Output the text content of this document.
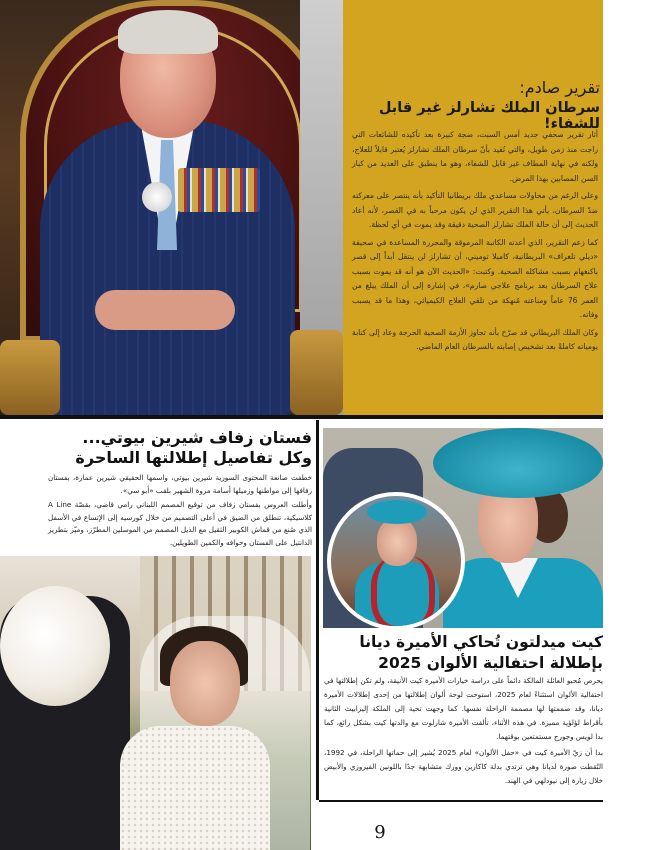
تقرير صادم:
سرطان الملك تشارلز غير قابل للشفاء!

أثار تقرير صحفي جديد أمس السبت، ضجة كبيرة بعد تأكيده للشائعات التي راجت منذ زمن طويل، والتي تُفيد بأنّ سرطان الملك تشارلز يُعتبر قابلاً للعلاج، ولكنه في نهاية المطاف غير قابل للشفاء، وهو ما ينطبق على العديد من كبار السن المصابين بهذا المرض.

وعلى الرغم من محاولات مساعدي ملك بريطانيا التأكيد بأنه ينتصر على معركته ضدّ السرطان، يأتي هذا التقرير الذي لن يكون مرحباً به في القصر، لأنه أعاد الحديث إلى أن حالة الملك تشارلز الصحية دقيقة وقد يموت في أي لحظة.

كما زعم التقرير، الذي أعدته الكاتبة المرموقة والمحررة المساعدة في صحيفة «ديلي تلغراف» البريطانية، كاميلا توميني، أن تشارلز لن ينتقل أبداً إلى قصر باكنغهام بسبب مشاكله الصحية. وكتبت: «الحديث الآن هو أنه قد يموت بسبب علاج السرطان بعد برنامج علاجي صارم»، في إشارة إلى أن الملك يبلغ من العمر 76 عاماً ومناعته مُنهكة من تلقي العلاج الكيميائي، وهذا ما قد يسبب وفاته.

وكان الملك البريطاني قد صرّح بأنه تجاوز الأزمة الصحية الحرجة وعاد إلى كتابة يومياته كاملةً بعد تشخيص إصابته بالسرطان العام الماضي.

فستان زفاف شيرين بيوتي...
وكل تفاصيل إطلالتها الساحرة

خطفت صانعة المحتوى السورية شيرين بيوتي، واسمها الحقيقي شيرين عمارة، بفستان زفافها إلى مواطنها وزميلها أسامة مروة الشهير بلقب «أبو سي».

وأطلت العروس بفستان زفاف من توقيع المصمم اللبناني رامي قاضي، بقصّة A Line كلاسيكية، تنطلق من الضيق في أعلى التصميم من خلال كورسيه إلى الإتساع في الأسفل الذي صُنع من قماش الكوبير الثقيل مع الذيل المصمم من الموسلين المطرّز، وميّز بتطريز الدانتيل على الفستان وحوافه والكمين الطويلين.

كيت ميدلتون تُحاكي الأميرة ديانا
بإطلالة احتفالية الألوان 2025

يحرص مُحبو العائلة المالكة دائماً على دراسة خيارات الأميرة كيت الأنيقة، ولم تكن إطلالتها في احتفالية الألوان استثناءً لعام 2025، استوحت لوحة ألوان إطلالتها من إحدى إطلالات الأميرة ديانا، وقد صممتها لها مصممة الراحلة نفسها. كما وجهت تحية إلى الملكة إليزابيث الثانية بأقراط لؤلؤية مميزة. في هذه الأثناء، تألقت الأميرة شارلوت مع والدتها كيت بشكل رائع، كما بدا لويس وجورج مستمتعين بوقتهما.

بدا أن زيّ الأميرة كيت في «حفل الألوان» لعام 2025 يُشير إلى حماتها الراحلة، في 1992، التُقطت صورة لديانا وهي ترتدي بدلة كاكارين وورك متشابهة جدًا باللونين الفيروزي والأبيض خلال زيارة إلى نيودلهي في الهند.

9
